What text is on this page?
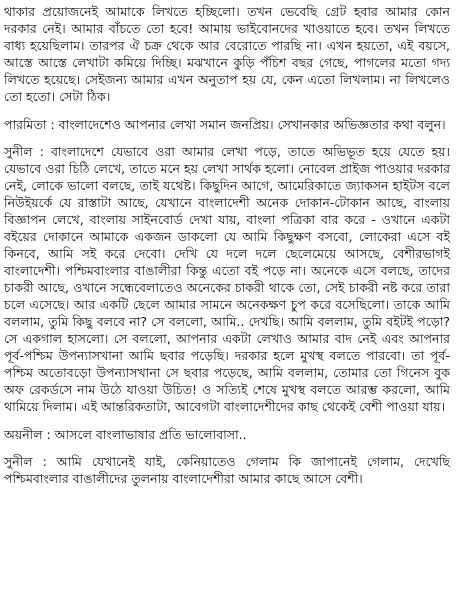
থাকার প্রয়োজনেই আমাকে লিখতে হচ্ছিলো। তখন ভেবেছি গ্রেট হবার আমার কোন দরকার নেই। আমার বাঁচতে তো হবে! আমায় ভাইবোনদের খাওয়াতে হবে। তখন লিখতে বাধ্য হয়েছিলাম। তারপর ঐ চক্র থেকে আর বেরোতে পারছি না। এখন হয়তো, এই বয়সে, আস্তে আস্তে লেখাটা কমিয়ে দিচ্ছি। মঝখানে কুড়ি পঁচিশ বছর গেছে, পাগলের মতো গদ্য লিখতে হয়েছে। সেইজন্য আমার এখন অনুতাপ হয় যে, কেন এতো লিখলাম। না লিখলেও তো হতো। সেটা ঠিক।

পারমিতা : বাংলাদেশেও আপনার লেখা সমান জনপ্রিয়। সেখানকার অভিজ্ঞতার কথা বলুন।

সুনীল : বাংলাদেশে যেভাবে ওরা আমার লেখা পড়ে, তাতে অভিভূত হয়ে যেতে হয়। যেভাবে ওরা চিঠি লেখে, তাতে মনে হয় লেখা সার্থক হলো। নোবেল প্রাইজ পাওয়ার দরকার নেই, লোকে ভালো বলছে, তাই যথেষ্ট। কিছুদিন আগে, আমেরিকাতে জ্যাকসন হাইটস বলে নিউইয়র্কে যে রাস্তাটা আছে, যেখানে বাংলাদেশী অনেক দোকান-টোকান আছে, বাংলায় বিজ্ঞাপন লেখে, বাংলায় সাইনবোর্ড দেখা যায়, বাংলা পত্রিকা বার করে - ওখানে একটা বইয়ের দোকানে আমাকে একজন ডাকলো যে আমি কিছুক্ষণ বসবো, লোকেরা এসে বই কিনবে, আমি সই করে দেবো। দেখি যে দলে দলে ছেলেমেয়ে আসছে, বেশীরভাগই বাংলাদেশী। পশ্চিমবাংলার বাঙালীরা কিন্তু এতো বই পড়ে না। অনেকে এসে বলছে, তাদের চাকরী আছে, ওখানে সন্ধেবেলাতেও অনেকের চাকরী থাকে তো, সেই চাকরী নষ্ট করে তারা চলে এসেছে। আর একটি ছেলে আমার সামনে অনেকক্ষণ চুপ করে বসেছিলো। তাকে আমি বললাম, তুমি কিছু বলবে না? সে বললো, আমি.. দেখছি। আমি বললাম, তুমি বইটই পড়ো? সে একগাল হাসলো। সে বললো, আপনার একটা লেখাও আমার বাদ নেই এবং আপনার পূর্ব-পশ্চিম উপন্যাসখানা আমি ছবার পড়েছি। দরকার হলে মুখস্থ বলতে পারবো। তা পূর্ব-পশ্চিম অতোবড়ো উপন্যাসখানা সে ছবার পড়েছে, আমি বললাম, তোমার তো গিনেস বুক অফ রেকর্ডসে নাম উঠে যাওয়া উচিত! ও সত্যিই শেষে মুখস্থ বলতে আরম্ভ করলো, আমি থামিয়ে দিলাম। এই আন্তরিকতাটা, আবেগটা বাংলাদেশীদের কাছ থেকেই বেশী পাওয়া যায়।

অয়নীল : আসলে বাংলাভাষার প্রতি ভালোবাসা..

সুনীল : আমি যেখানেই যাই, কেনিয়াতেও গেলাম কি জাপানেই গেলাম, দেখেছি পশ্চিমবাংলার বাঙালীদের তুলনায় বাংলাদেশীরা আমার কাছে আসে বেশী।
